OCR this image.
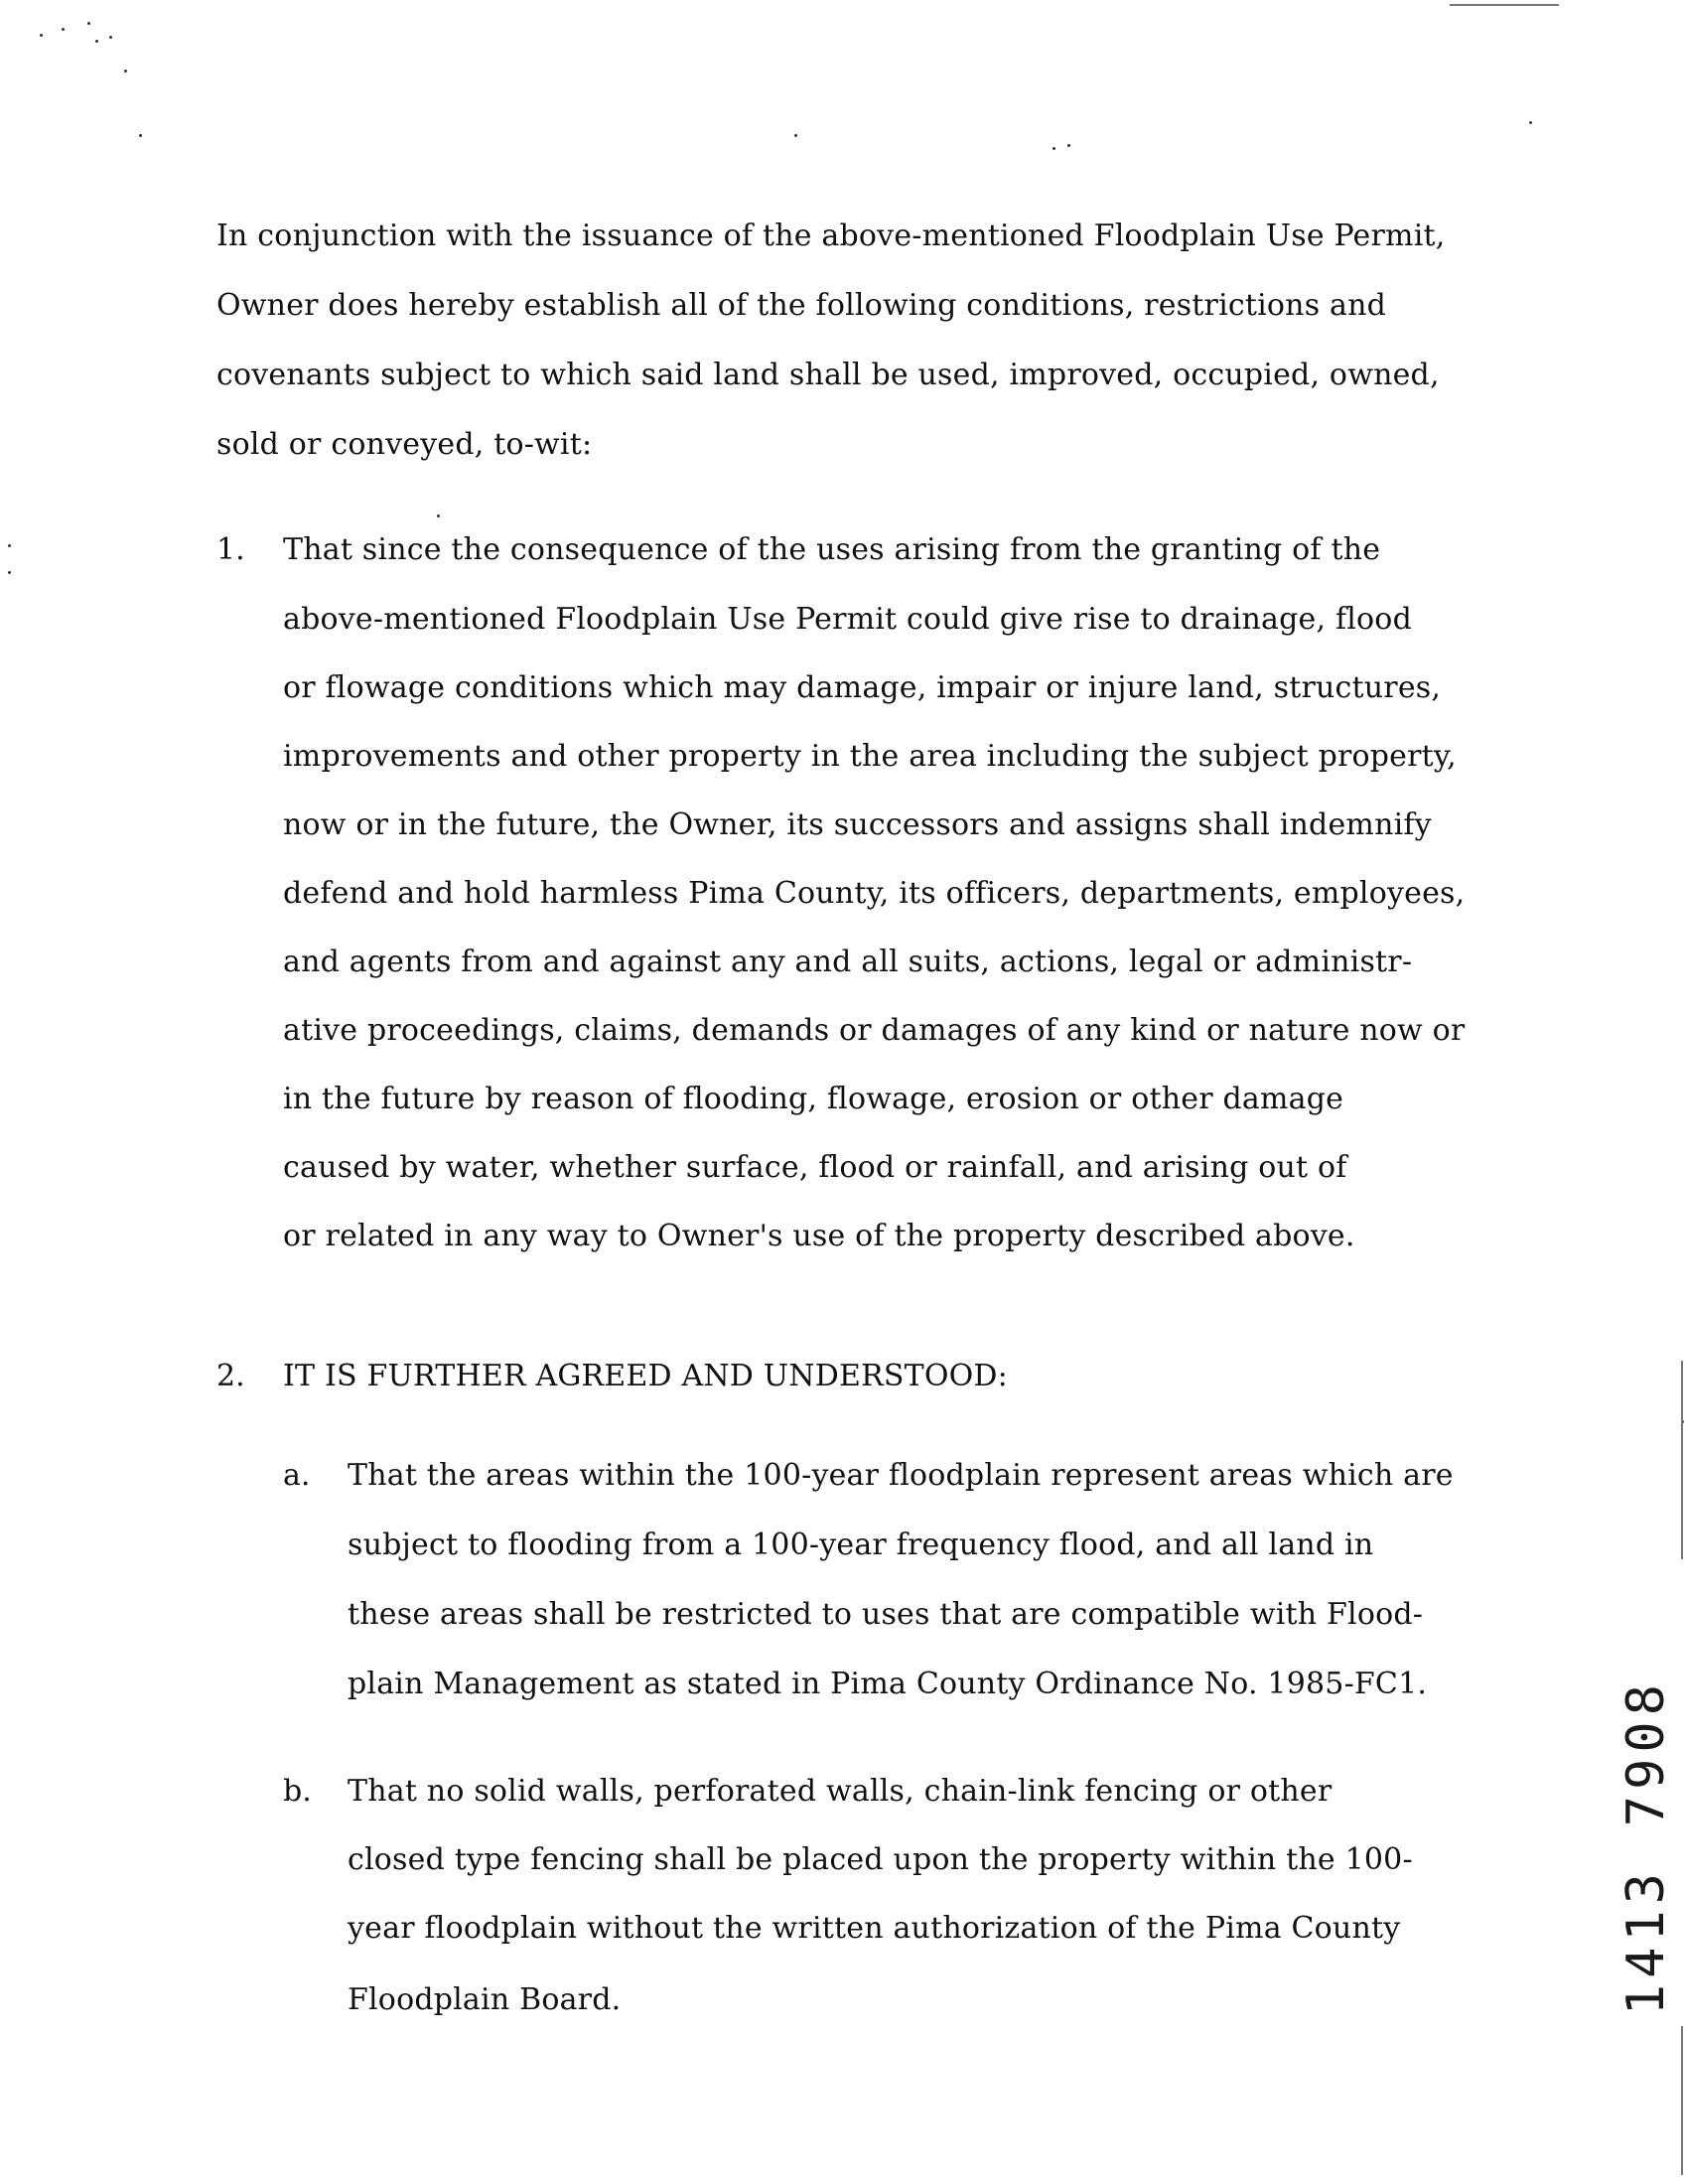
In conjunction with the issuance of the above-mentioned Floodplain Use Permit,
Owner does hereby establish all of the following conditions, restrictions and
covenants subject to which said land shall be used, improved, occupied, owned,
sold or conveyed, to-wit:
1. That since the consequence of the uses arising from the granting of the
above-mentioned Floodplain Use Permit could give rise to drainage, flood
or flowage conditions which may damage, impair or injure land, structures,
improvements and other property in the area including the subject property,
now or in the future, the Owner, its successors and assigns shall indemnify
defend and hold harmless Pima County, its officers, departments, employees,
and agents from and against any and all suits, actions, legal or administr-
ative proceedings, claims, demands or damages of any kind or nature now or
in the future by reason of flooding, flowage, erosion or other damage
caused by water, whether surface, flood or rainfall, and arising out of
or related in any way to Owner's use of the property described above.
2. IT IS FURTHER AGREED AND UNDERSTOOD:
a. That the areas within the 100-year floodplain represent areas which are
subject to flooding from a 100-year frequency flood, and all land in
these areas shall be restricted to uses that are compatible with Flood-
plain Management as stated in Pima County Ordinance No. 1985-FC1.
b. That no solid walls, perforated walls, chain-link fencing or other
closed type fencing shall be placed upon the property within the 100-
year floodplain without the written authorization of the Pima County
Floodplain Board.
7908
1413
